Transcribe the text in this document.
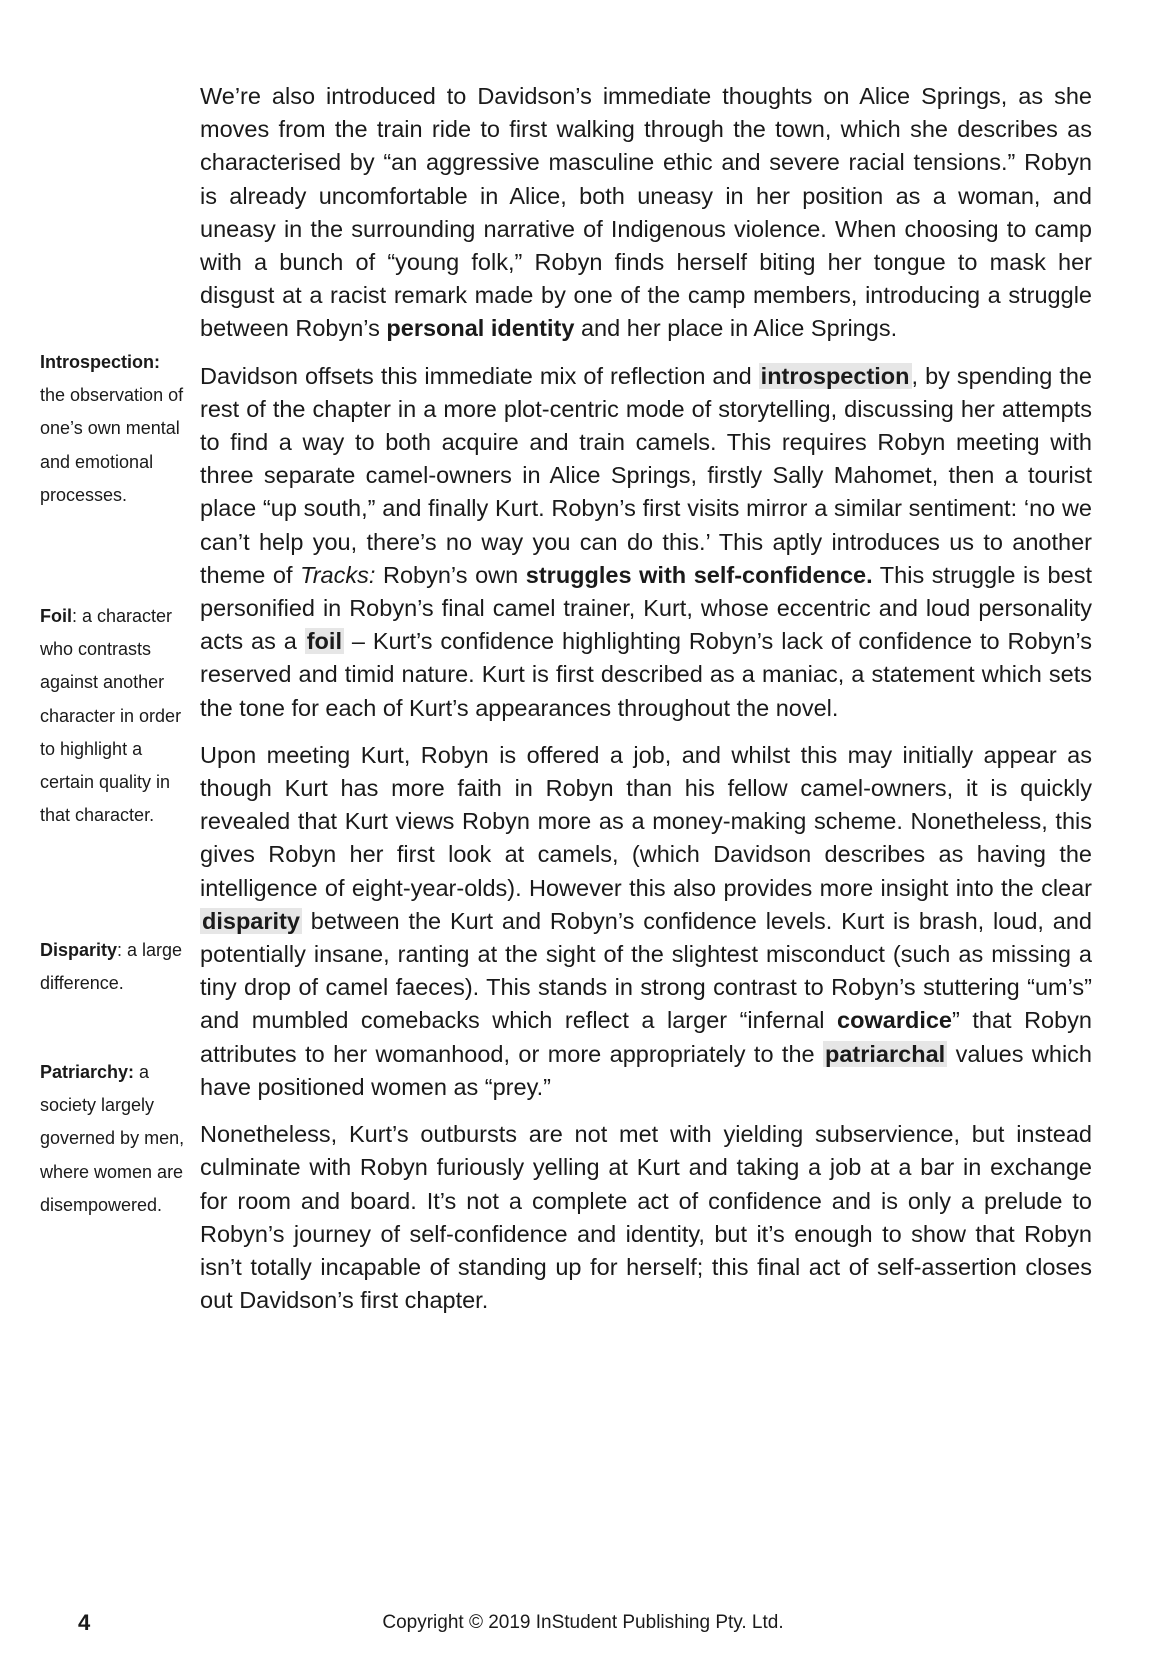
We’re also introduced to Davidson’s immediate thoughts on Alice Springs, as she moves from the train ride to first walking through the town, which she describes as characterised by “an aggressive masculine ethic and severe racial tensions.” Robyn is already uncomfortable in Alice, both uneasy in her position as a woman, and uneasy in the surrounding narrative of Indigenous violence. When choosing to camp with a bunch of “young folk,” Robyn finds herself biting her tongue to mask her disgust at a racist remark made by one of the camp members, introducing a struggle between Robyn’s personal identity and her place in Alice Springs.

Davidson offsets this immediate mix of reflection and introspection, by spending the rest of the chapter in a more plot-centric mode of storytelling, discussing her attempts to find a way to both acquire and train camels. This requires Robyn meeting with three separate camel-owners in Alice Springs, firstly Sally Mahomet, then a tourist place “up south,” and finally Kurt. Robyn’s first visits mirror a similar sentiment: ‘no we can’t help you, there’s no way you can do this.’ This aptly introduces us to another theme of Tracks: Robyn’s own struggles with self-confidence. This struggle is best personified in Robyn’s final camel trainer, Kurt, whose eccentric and loud personality acts as a foil – Kurt’s confidence highlighting Robyn’s lack of confidence to Robyn’s reserved and timid nature. Kurt is first described as a maniac, a statement which sets the tone for each of Kurt’s appearances throughout the novel.

Upon meeting Kurt, Robyn is offered a job, and whilst this may initially appear as though Kurt has more faith in Robyn than his fellow camel-owners, it is quickly revealed that Kurt views Robyn more as a money-making scheme. Nonetheless, this gives Robyn her first look at camels, (which Davidson describes as having the intelligence of eight-year-olds). However this also provides more insight into the clear disparity between the Kurt and Robyn’s confidence levels. Kurt is brash, loud, and potentially insane, ranting at the sight of the slightest misconduct (such as missing a tiny drop of camel faeces). This stands in strong contrast to Robyn’s stuttering “um’s” and mumbled comebacks which reflect a larger “infernal cowardice” that Robyn attributes to her womanhood, or more appropriately to the patriarchal values which have positioned women as “prey.”

Nonetheless, Kurt’s outbursts are not met with yielding subservience, but instead culminate with Robyn furiously yelling at Kurt and taking a job at a bar in exchange for room and board. It’s not a complete act of confidence and is only a prelude to Robyn’s journey of self-confidence and identity, but it’s enough to show that Robyn isn’t totally incapable of standing up for herself; this final act of self-assertion closes out Davidson’s first chapter.

Introspection: the observation of one’s own mental and emotional processes.
Foil: a character who contrasts against another character in order to highlight a certain quality in that character.
Disparity: a large difference.
Patriarchy: a society largely governed by men, where women are disempowered.
4	Copyright © 2019 InStudent Publishing Pty. Ltd.
